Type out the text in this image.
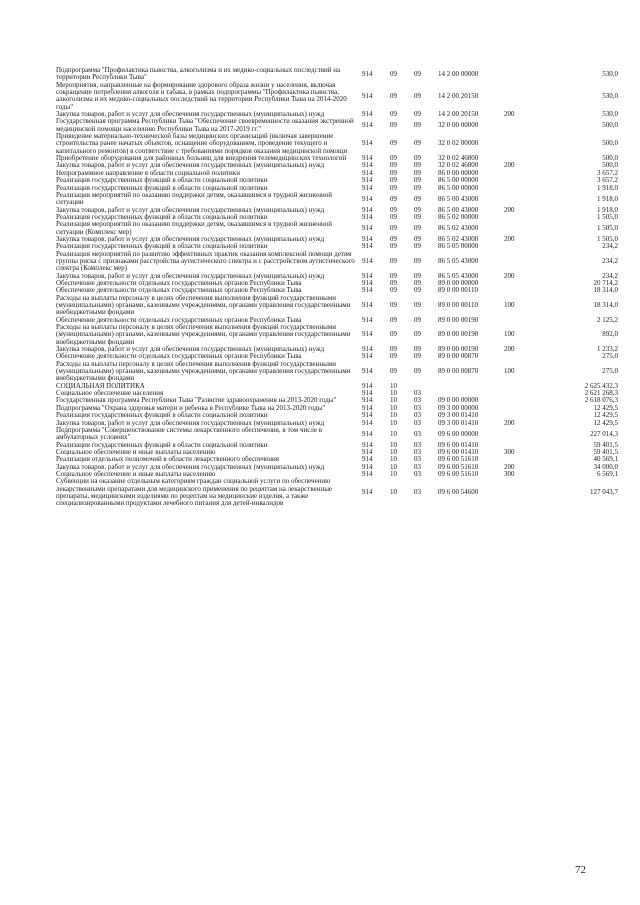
Подпрограмма "Профилактика пьянства, алкоголизма и их медико-социальных последствий на территории Республики Тыва"	914	09	09	14 2 00 00000		530,0
Мероприятия, направленные на формирование здорового образа жизни у населения, включая сокращение потребления алкоголя и табака, в рамках подпрограммы "Профилактика пьянства, алкоголизма и их медико-социальных последствий на территории Республики Тыва на 2014-2020 годы"	914	09	09	14 2 00 20150		530,0
Закупка товаров, работ и услуг для обеспечения государственных (муниципальных) нужд	914	09	09	14 2 00 20150	200	530,0
Государственная программа Республики Тыва "Обеспечение своевременности оказания экстренной медицинской помощи населению Республики Тыва на 2017-2019 гг."	914	09	09	32 0 00 00000		500,0
Приведение материально-технической базы медицинских организаций (включая завершение строительства ранее начатых объектов, оснащение оборудованием, проведение текущего и капитального ремонтов) в соответствие с требованиями порядков оказания медицинской помощи	914	09	09	32 0 02 00000		500,0
Приобретение оборудования для районных больниц для внедрения телемедицинских технологий	914	09	09	32 0 02 46800		500,0
Закупка товаров, работ и услуг для обеспечения государственных (муниципальных) нужд	914	09	09	32 0 02 46800	200	500,0
Непрограммное направление в области социальной политики	914	09	09	86 0 00 00000		3 657,2
Реализация государственных функций в области социальной политики	914	09	09	86 5 00 00000		3 657,2
Реализация государственных функций в области социальной политики	914	09	09	86 5 00 00000		1 918,0
Реализация мероприятий по оказанию поддержки детям, оказавшимся в трудной жизненной ситуации	914	09	09	86 5 00 43000		1 918,0
Закупка товаров, работ и услуг для обеспечения государственных (муниципальных) нужд	914	09	09	86 5 00 43000	200	1 918,0
Реализация государственных функций в области социальной политики	914	09	09	86 5 02 00000		1 505,0
Реализация мероприятий по оказанию поддержки детям, оказавшимся в трудной жизненной ситуации (Комплекс мер)	914	09	09	86 5 02 43000		1 505,0
Закупка товаров, работ и услуг для обеспечения государственных (муниципальных) нужд	914	09	09	86 5 02 43000	200	1 505,0
Реализация государственных функций в области социальной политики	914	09	09	86 5 05 00000		234,2
Реализация мероприятий по развитию эффективных практик оказания комплексной помощи детям группы риска с признаками расстройства аутистического спектра и с расстройством аутистического спектра (Комплекс мер)	914	09	09	86 5 05 43000		234,2
Закупка товаров, работ и услуг для обеспечения государственных (муниципальных) нужд	914	09	09	86 5 05 43000	200	234,2
Обеспечение деятельности отдельных государственных органов Республики Тыва	914	09	09	89 0 00 00000		20 714,2
Обеспечение деятельности отдельных государственных органов Республики Тыва	914	09	09	89 0 00 00110		18 314,0
Расходы на выплаты персоналу в целях обеспечения выполнения функций государственными (муниципальными) органами, казенными учреждениями, органами управления государственными внебюджетными фондами	914	09	09	89 0 00 00110	100	18 314,0
Обеспечение деятельности отдельных государственных органов Республики Тыва	914	09	09	89 0 00 00190		2 125,2
Расходы на выплаты персоналу в целях обеспечения выполнения функций государственными (муниципальными) органами, казенными учреждениями, органами управления государственными внебюджетными фондами	914	09	09	89 0 00 00190	100	892,0
Закупка товаров, работ и услуг для обеспечения государственных (муниципальных) нужд	914	09	09	89 0 00 00190	200	1 233,2
Обеспечение деятельности отдельных государственных органов Республики Тыва	914	09	09	89 0 00 00870		275,0
Расходы на выплаты персоналу в целях обеспечения выполнения функций государственными (муниципальными) органами, казенными учреждениями, органами управления государственными внебюджетными фондами	914	09	09	89 0 00 00870	100	275,0
СОЦИАЛЬНАЯ ПОЛИТИКА	914	10				2 625 432,3
Социальное обеспечение населения	914	10	03			2 621 268,3
Государственная программа Республики Тыва "Развитие здравоохранения на 2013-2020 годы"	914	10	03	09 0 00 00000		2 618 076,3
Подпрограмма "Охрана здоровья матери и ребенка в Республике Тыва на 2013-2020 годы"	914	10	03	09 3 00 00000		12 429,5
Реализация государственных функций в области социальной политики	914	10	03	09 3 00 01410		12 429,5
Закупка товаров, работ и услуг для обеспечения государственных (муниципальных) нужд	914	10	03	09 3 00 01410	200	12 429,5
Подпрограмма "Совершенствование системы лекарственного обеспечения, в том числе в амбулаторных условиях"	914	10	03	09 6 00 00000		227 014,3
Реализация государственных функций в области социальной политики	914	10	03	09 6 00 01410		59 401,5
Социальное обеспечение и иные выплаты населению	914	10	03	09 6 00 01410	300	59 401,5
Реализация отдельных полномочий в области лекарственного обеспечения	914	10	03	09 6 00 51610		40 569,1
Закупка товаров, работ и услуг для обеспечения государственных (муниципальных) нужд	914	10	03	09 6 00 51610	200	34 000,0
Социальное обеспечение и иные выплаты населению	914	10	03	09 6 00 51610	300	6 569,1
Субвенции на оказание отдельным категориям граждан социальной услуги по обеспечению лекарственными препаратами для медицинского применения по рецептам на лекарственные препараты, медицинскими изделиями по рецептам на медицинские изделия, а также специализированными продуктами лечебного питания для детей-инвалидов	914	10	03	09 6 00 54600		127 043,7
72
